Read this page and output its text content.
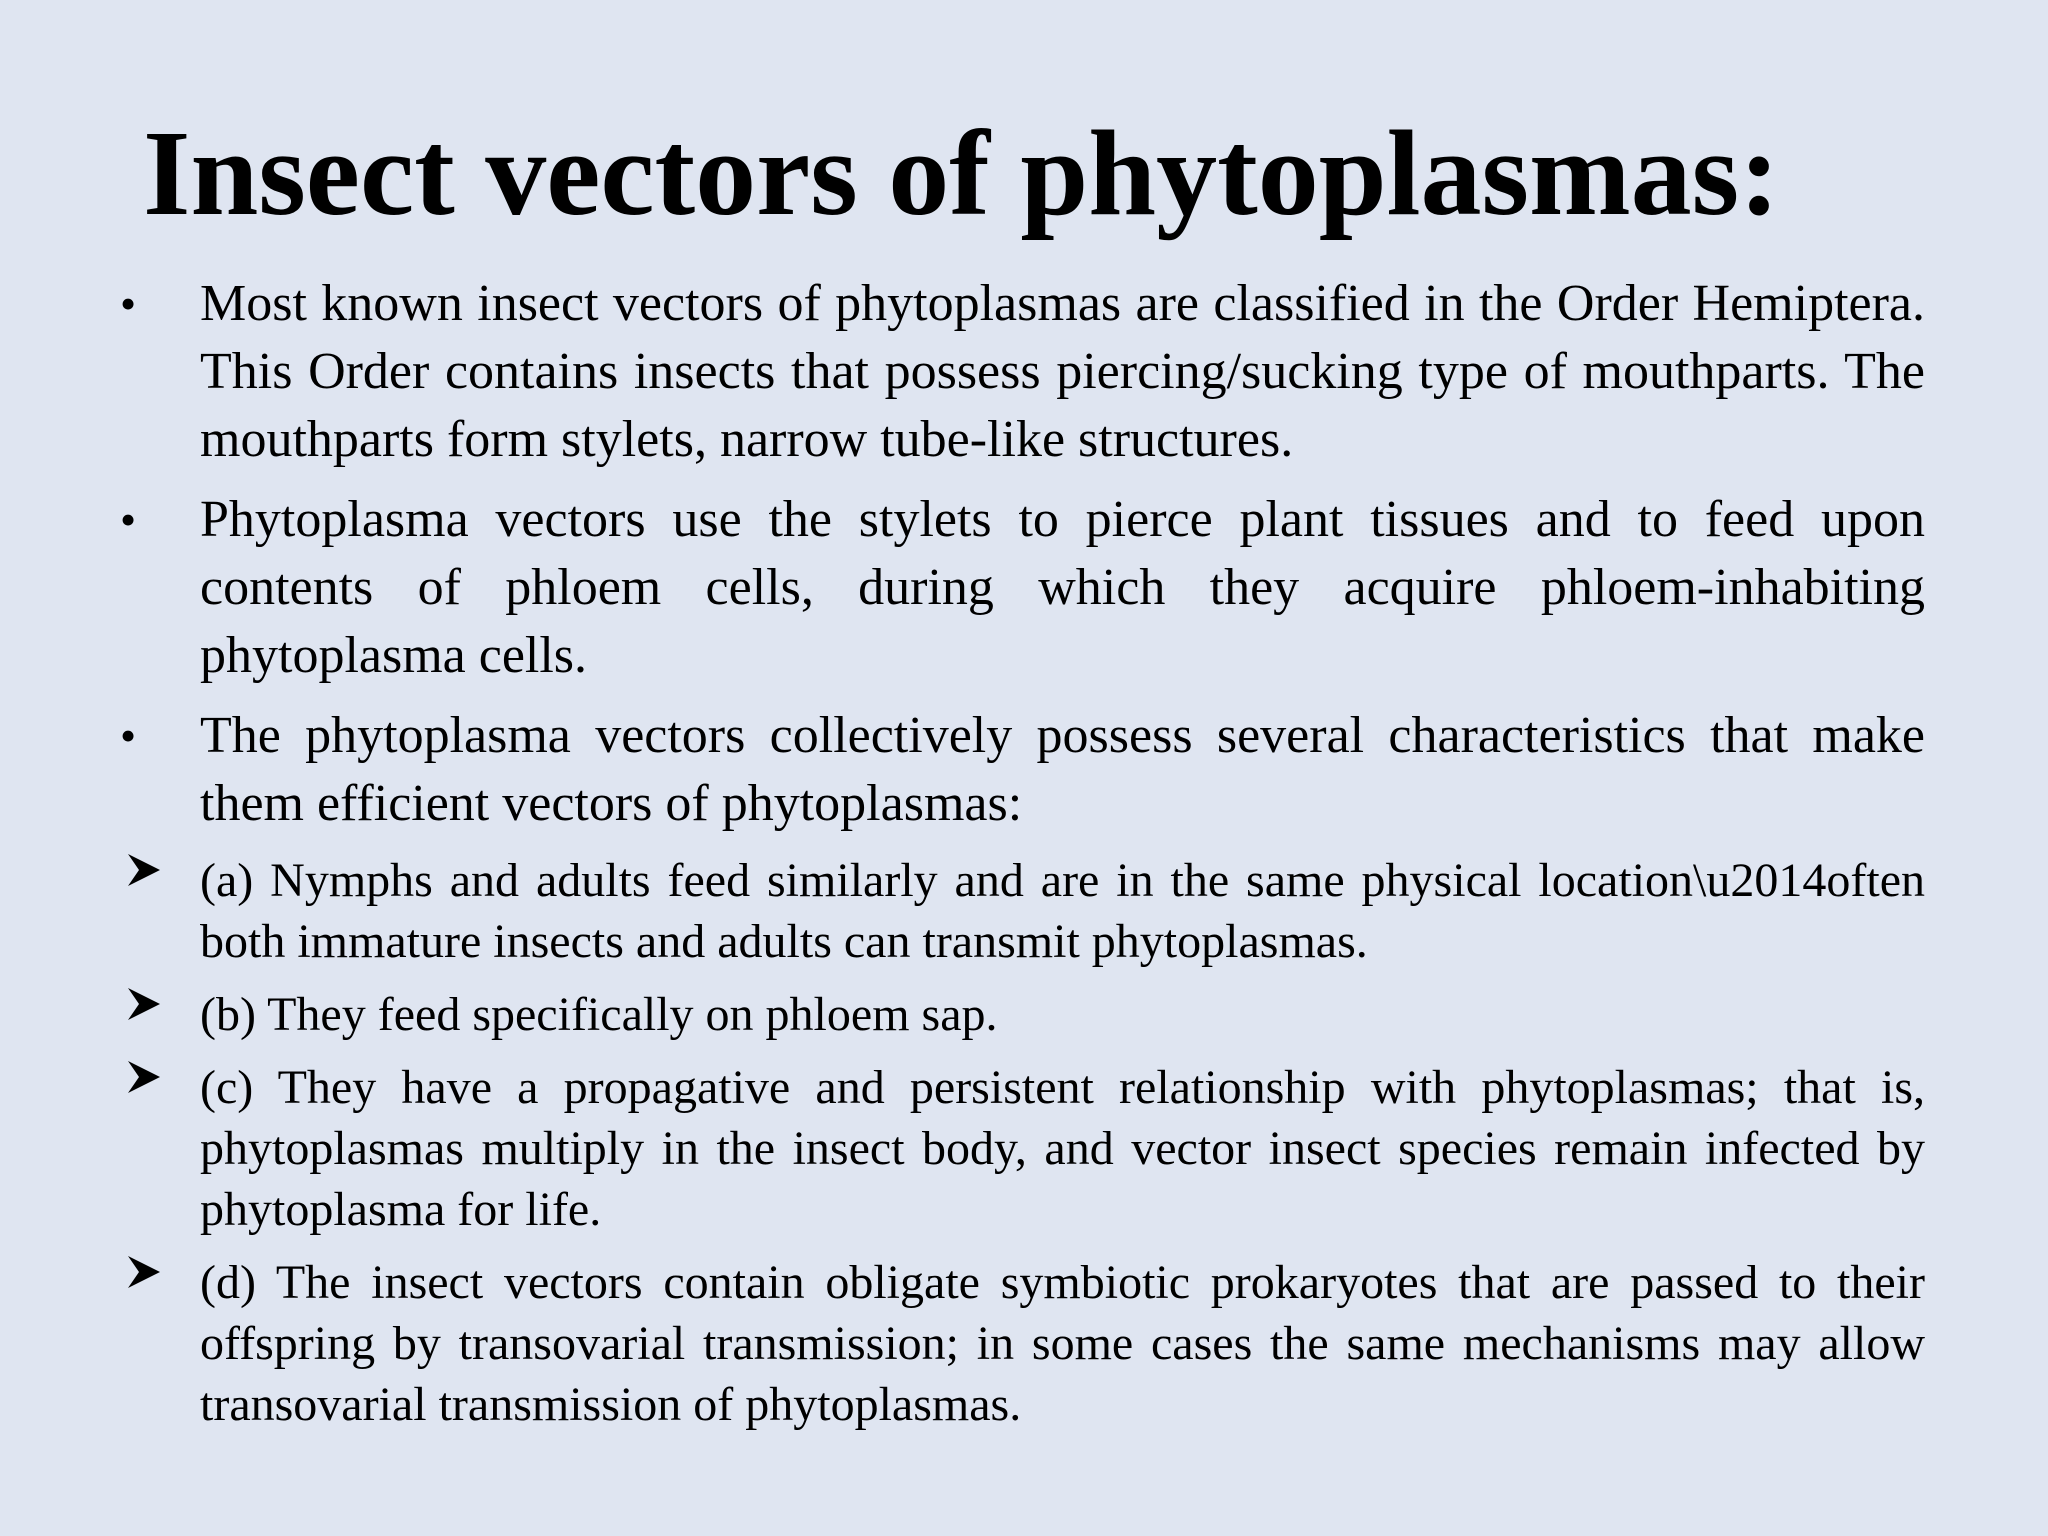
Insect vectors of phytoplasmas:
•	Most known insect vectors of phytoplasmas are classified in the Order Hemiptera. This Order contains insects that possess piercing/sucking type of mouthparts. The mouthparts form stylets, narrow tube-like structures.
•	Phytoplasma vectors use the stylets to pierce plant tissues and to feed upon contents of phloem cells, during which they acquire phloem-inhabiting phytoplasma cells.
•	The phytoplasma vectors collectively possess several characteristics that make them efficient vectors of phytoplasmas:
(a) Nymphs and adults feed similarly and are in the same physical location\u2014often both immature insects and adults can transmit phytoplasmas.
(b) They feed specifically on phloem sap.
(c) They have a propagative and persistent relationship with phytoplasmas; that is, phytoplasmas multiply in the insect body, and vector insect species remain infected by phytoplasma for life.
(d) The insect vectors contain obligate symbiotic prokaryotes that are passed to their offspring by transovarial transmission; in some cases the same mechanisms may allow transovarial transmission of phytoplasmas.
